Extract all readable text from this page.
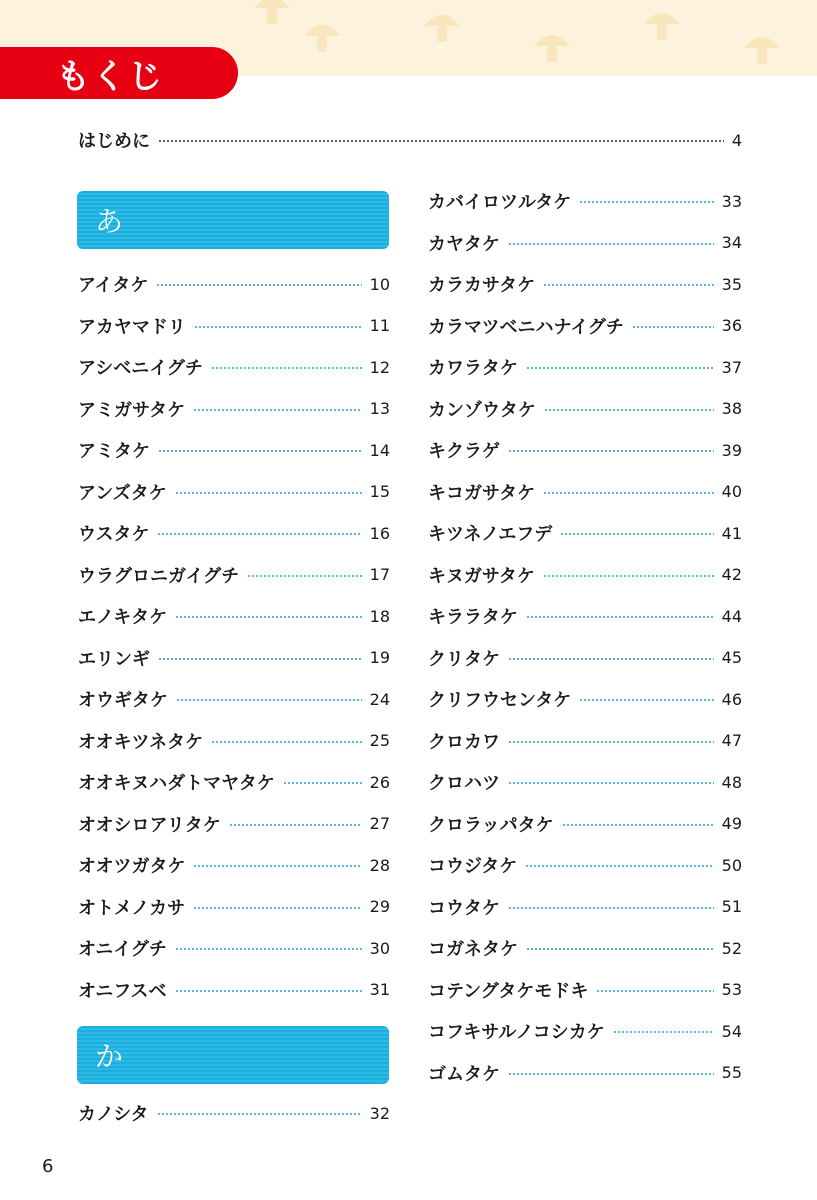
もくじ
はじめに	4
あ
か
アイタケ	10
アカヤマドリ	11
アシベニイグチ	12
アミガサタケ	13
アミタケ	14
アンズタケ	15
ウスタケ	16
ウラグロニガイグチ	17
エノキタケ	18
エリンギ	19
オウギタケ	24
オオキツネタケ	25
オオキヌハダトマヤタケ	26
オオシロアリタケ	27
オオツガタケ	28
オトメノカサ	29
オニイグチ	30
オニフスベ	31
カノシタ	32
カバイロツルタケ	33
カヤタケ	34
カラカサタケ	35
カラマツベニハナイグチ	36
カワラタケ	37
カンゾウタケ	38
キクラゲ	39
キコガサタケ	40
キツネノエフデ	41
キヌガサタケ	42
キララタケ	44
クリタケ	45
クリフウセンタケ	46
クロカワ	47
クロハツ	48
クロラッパタケ	49
コウジタケ	50
コウタケ	51
コガネタケ	52
コテングタケモドキ	53
コフキサルノコシカケ	54
ゴムタケ	55
6
